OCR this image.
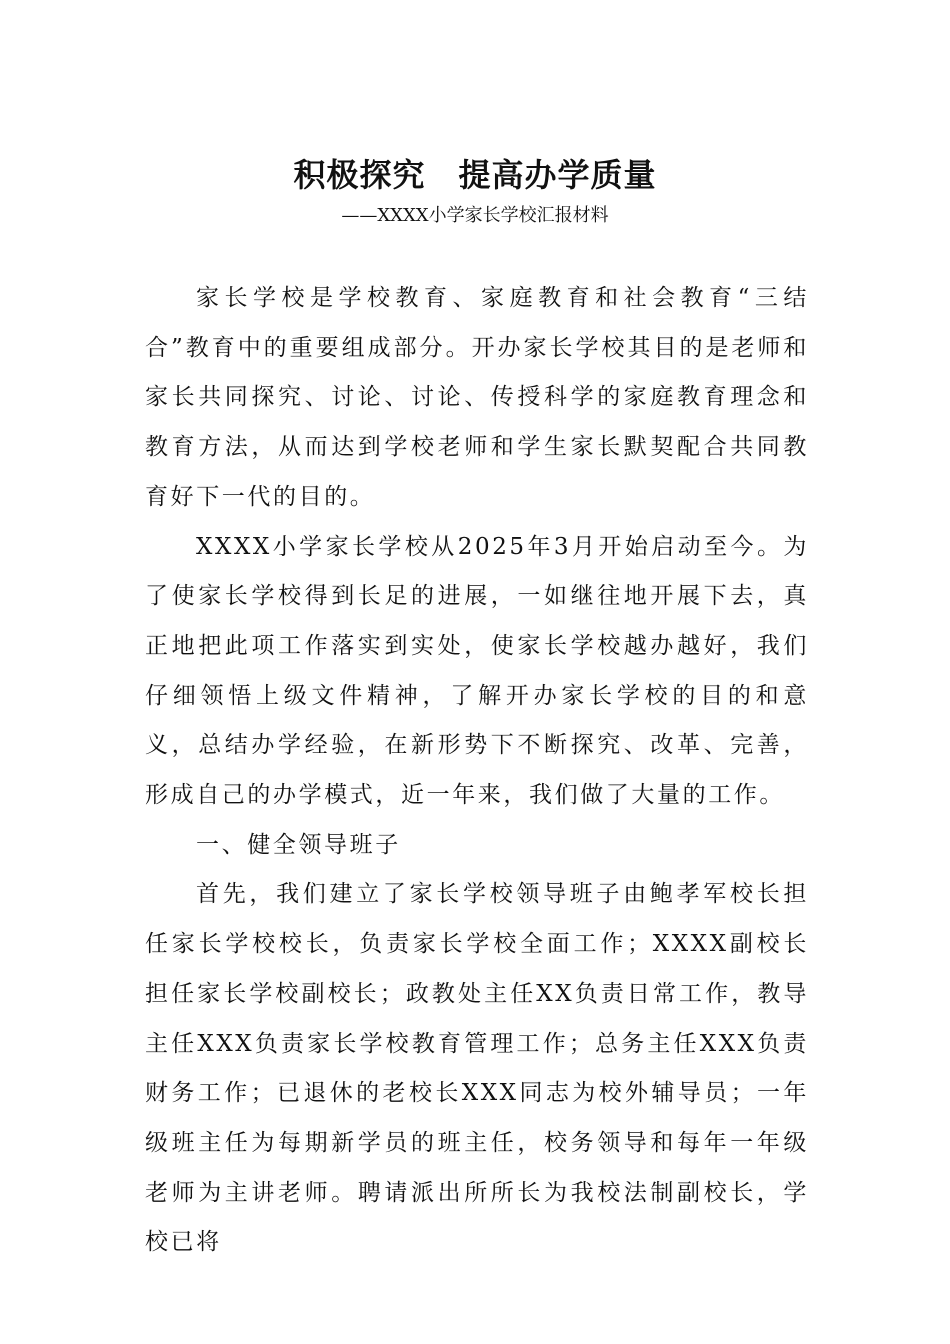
积极探究　提高办学质量
——XXXX小学家长学校汇报材料

家长学校是学校教育、家庭教育和社会教育“三结合”教育中的重要组成部分。开办家长学校其目的是老师和家长共同探究、讨论、讨论、传授科学的家庭教育理念和教育方法，从而达到学校老师和学生家长默契配合共同教育好下一代的目的。

XXXX小学家长学校从2025年3月开始启动至今。为了使家长学校得到长足的进展，一如继往地开展下去，真正地把此项工作落实到实处，使家长学校越办越好，我们仔细领悟上级文件精神，了解开办家长学校的目的和意义，总结办学经验，在新形势下不断探究、改革、完善，形成自己的办学模式，近一年来，我们做了大量的工作。

一、健全领导班子

首先，我们建立了家长学校领导班子由鲍孝军校长担任家长学校校长，负责家长学校全面工作；XXXX副校长担任家长学校副校长；政教处主任XX负责日常工作，教导主任XXX负责家长学校教育管理工作；总务主任XXX负责财务工作；已退休的老校长XXX同志为校外辅导员；一年级班主任为每期新学员的班主任，校务领导和每年一年级老师为主讲老师。聘请派出所所长为我校法制副校长，学校已将
